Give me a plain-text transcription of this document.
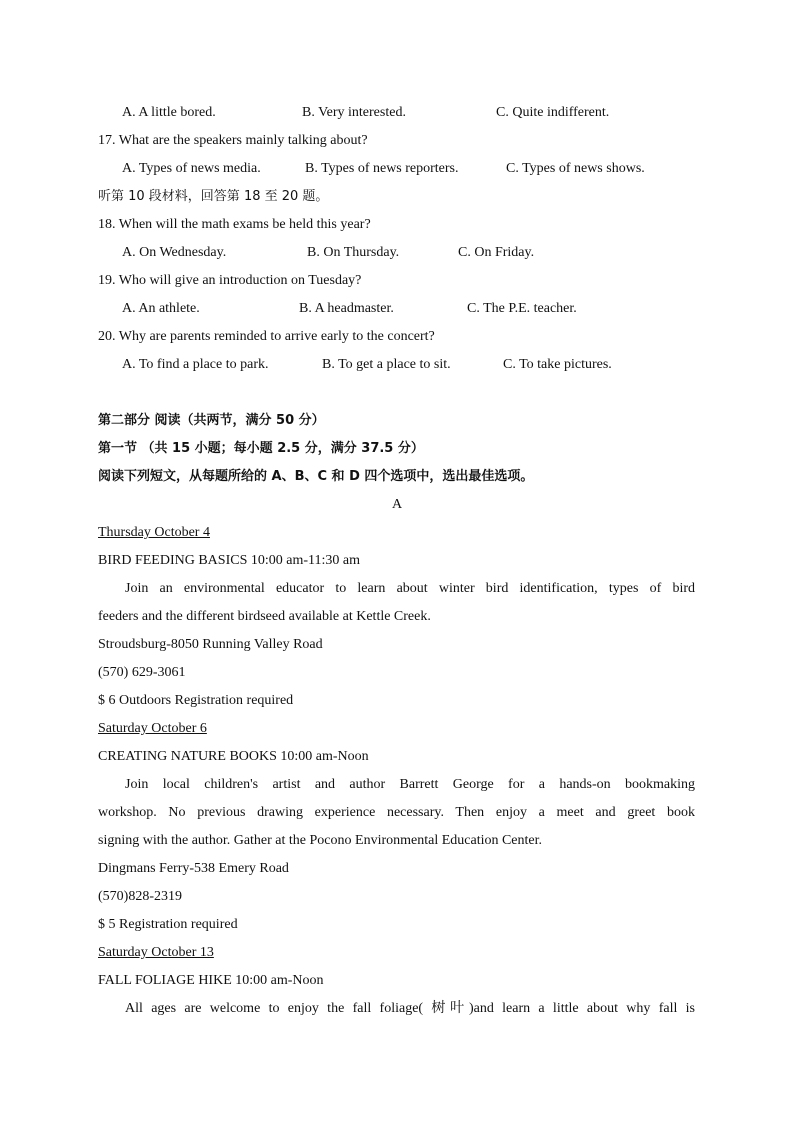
A. A little bored.	B. Very interested.	C. Quite indifferent.
17. What are the speakers mainly talking about?
A. Types of news media.	B. Types of news reporters.	C. Types of news shows.
听第 10 段材料，回答第 18 至 20 题。
18. When will the math exams be held this year?
A. On Wednesday.	B. On Thursday.	C. On Friday.
19. Who will give an introduction on Tuesday?
A. An athlete.	B. A headmaster.	C. The P.E. teacher.
20. Why are parents reminded to arrive early to the concert?
A. To find a place to park.	B. To get a place to sit.	C. To take pictures.
第二部分 阅读（共两节，满分 50 分）
第一节 （共 15 小题；每小题 2.5 分，满分 37.5 分）
阅读下列短文，从每题所给的 A、B、C 和 D 四个选项中，选出最佳选项。
A
Thursday October 4
BIRD FEEDING BASICS 10:00 am-11:30 am
Join an environmental educator to learn about winter bird identification, types of bird
feeders and the different birdseed available at Kettle Creek.
Stroudsburg-8050 Running Valley Road
(570) 629-3061
$ 6 Outdoors Registration required
Saturday October 6
CREATING NATURE BOOKS 10:00 am-Noon
Join local children's artist and author Barrett George for a hands-on bookmaking
workshop. No previous drawing experience necessary. Then enjoy a meet and greet book
signing with the author. Gather at the Pocono Environmental Education Center.
Dingmans Ferry-538 Emery Road
(570)828-2319
$ 5 Registration required
Saturday October 13
FALL FOLIAGE HIKE 10:00 am-Noon
All ages are welcome to enjoy the fall foliage( 树叶)and learn a little about why fall is
